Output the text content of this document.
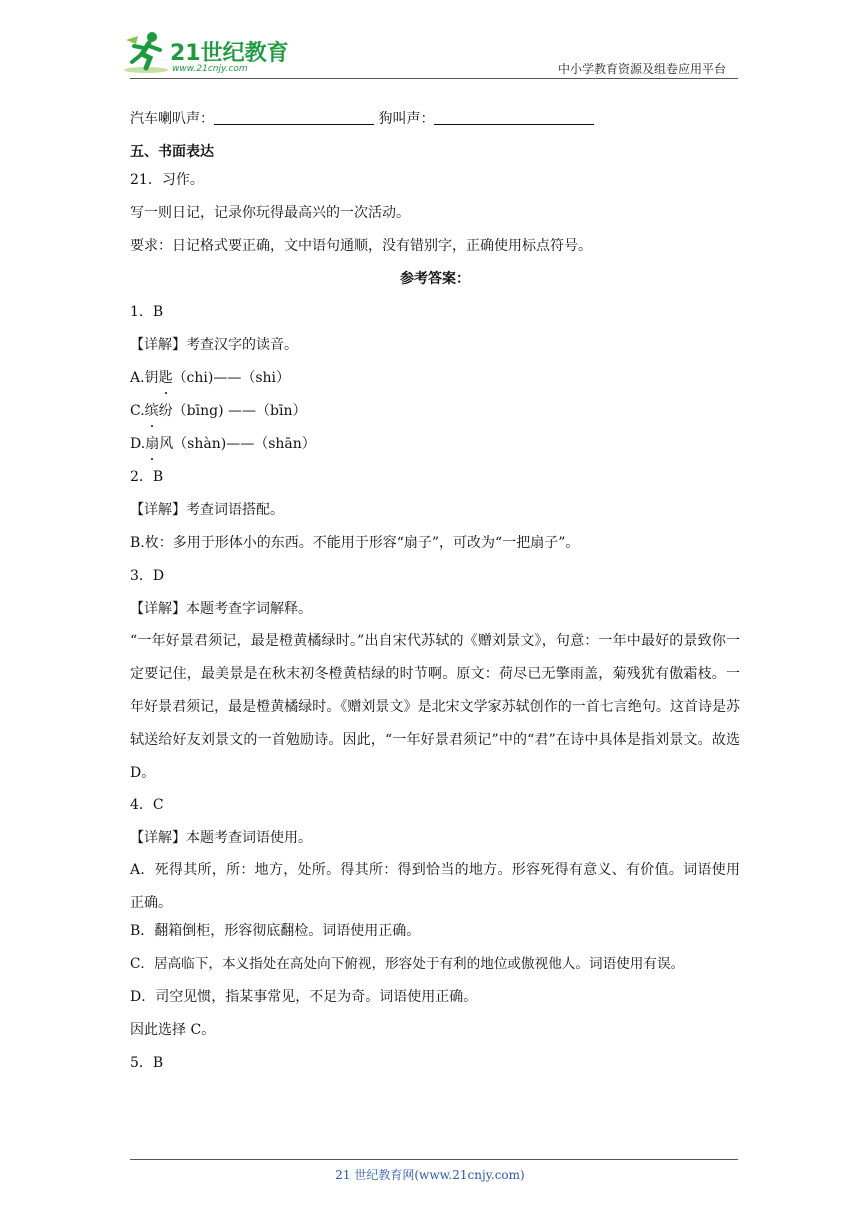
21世纪教育
www.21cnjy.com	中小学教育资源及组卷应用平台
汽车喇叭声：	狗叫声：
五、书面表达
21．习作。
写一则日记，记录你玩得最高兴的一次活动。
要求：日记格式要正确，文中语句通顺，没有错别字，正确使用标点符号。
参考答案：
1．B
【详解】考查汉字的读音。
A.钥匙（chi)——（shi）
C.缤纷（bīng) ——（bīn）
D.扇风（shàn)——（shān）
2．B
【详解】考查词语搭配。
B.枚：多用于形体小的东西。不能用于形容“扇子”，可改为“一把扇子”。
3．D
【详解】本题考查字词解释。
“一年好景君须记，最是橙黄橘绿时。”出自宋代苏轼的《赠刘景文》，句意：一年中最好的景致你一定要记住，最美景是在秋末初冬橙黄桔绿的时节啊。原文：荷尽已无擎雨盖，菊残犹有傲霜枝。一年好景君须记，最是橙黄橘绿时。《赠刘景文》是北宋文学家苏轼创作的一首七言绝句。这首诗是苏轼送给好友刘景文的一首勉励诗。因此，“一年好景君须记”中的“君”在诗中具体是指刘景文。故选 D。
4．C
【详解】本题考查词语使用。
A．死得其所，所：地方，处所。得其所：得到恰当的地方。形容死得有意义、有价值。词语使用正确。
B．翻箱倒柜，形容彻底翻检。词语使用正确。
C．居高临下，本义指处在高处向下俯视，形容处于有利的地位或傲视他人。词语使用有误。
D．司空见惯，指某事常见，不足为奇。词语使用正确。
因此选择 C。
5．B
21 世纪教育网(www.21cnjy.com)
